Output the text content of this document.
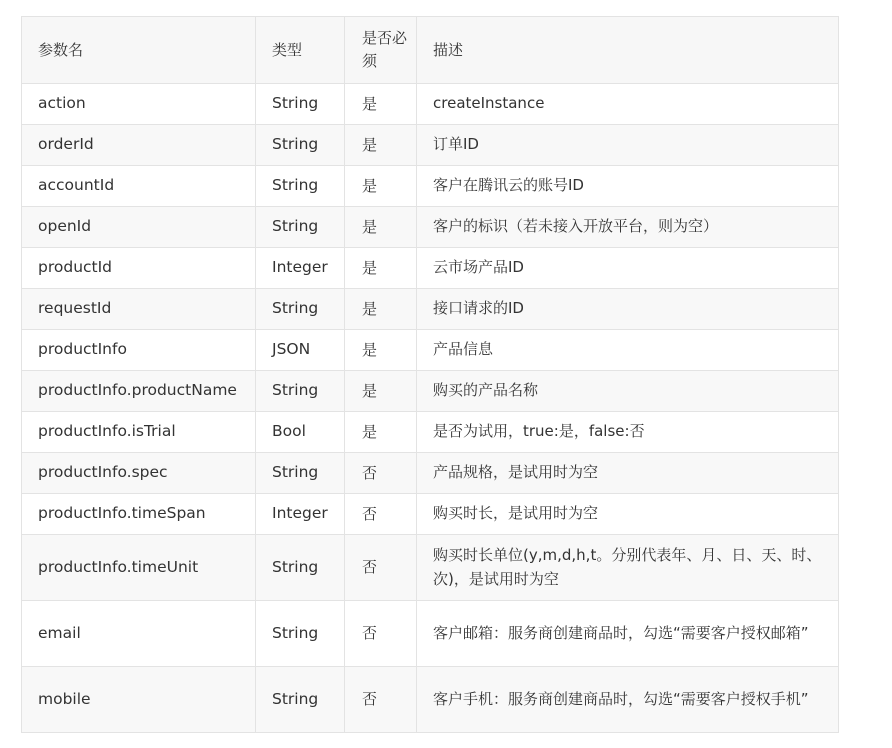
参数名	类型	是否必须	描述
action	String	是	createInstance
orderId	String	是	订单ID
accountId	String	是	客户在腾讯云的账号ID
openId	String	是	客户的标识（若未接入开放平台，则为空）
productId	Integer	是	云市场产品ID
requestId	String	是	接口请求的ID
productInfo	JSON	是	产品信息
productInfo.productName	String	是	购买的产品名称
productInfo.isTrial	Bool	是	是否为试用，true:是，false:否
productInfo.spec	String	否	产品规格，是试用时为空
productInfo.timeSpan	Integer	否	购买时长，是试用时为空
productInfo.timeUnit	String	否	购买时长单位(y,m,d,h,t。分别代表年、月、日、天、时、次)，是试用时为空
email	String	否	客户邮箱：服务商创建商品时，勾选“需要客户授权邮箱”
mobile	String	否	客户手机：服务商创建商品时，勾选“需要客户授权手机”
